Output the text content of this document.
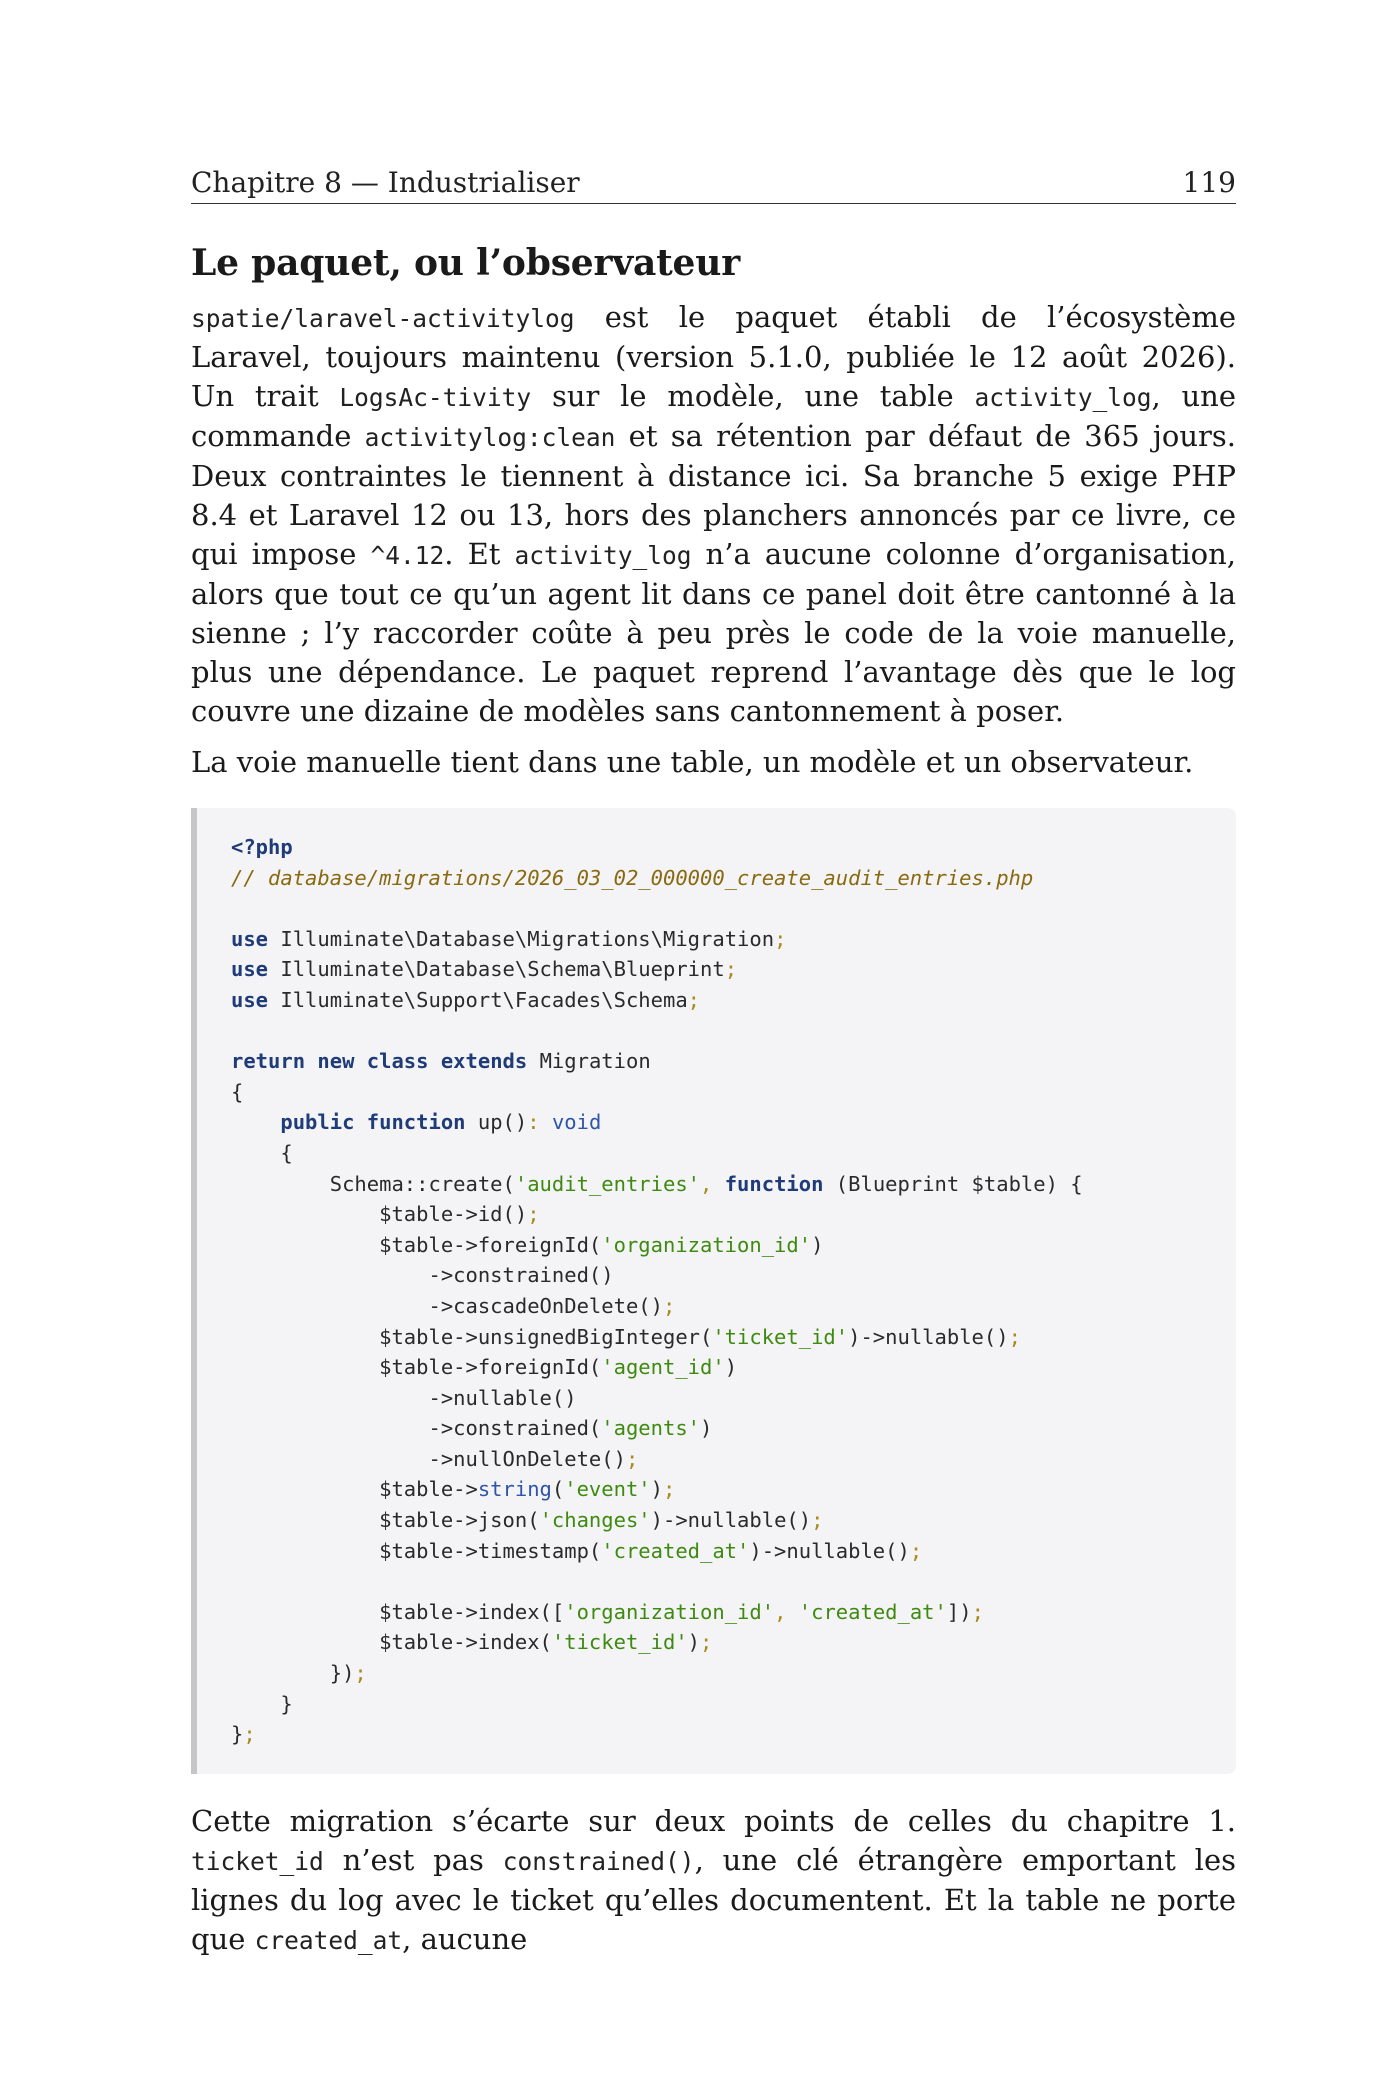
Chapitre 8 — Industrialiser	119
Le paquet, ou l’observateur

spatie/laravel-activitylog est le paquet établi de l’écosystème Laravel, toujours maintenu (version 5.1.0, publiée le 12 août 2026). Un trait LogsAc-tivity sur le modèle, une table activity_log, une commande activitylog:clean et sa rétention par défaut de 365 jours. Deux contraintes le tiennent à distance ici. Sa branche 5 exige PHP 8.4 et Laravel 12 ou 13, hors des planchers annoncés par ce livre, ce qui impose ^4.12. Et activity_log n’a aucune colonne d’organisation, alors que tout ce qu’un agent lit dans ce panel doit être cantonné à la sienne ; l’y raccorder coûte à peu près le code de la voie manuelle, plus une dépendance. Le paquet reprend l’avantage dès que le log couvre une dizaine de modèles sans cantonnement à poser.

La voie manuelle tient dans une table, un modèle et un observateur.

<?php
// database/migrations/2026_03_02_000000_create_audit_entries.php

use Illuminate\Database\Migrations\Migration;
use Illuminate\Database\Schema\Blueprint;
use Illuminate\Support\Facades\Schema;

return new class extends Migration
{
public function up(): void
{
Schema::create('audit_entries', function (Blueprint $table) {
$table->id();
$table->foreignId('organization_id')
->constrained()
->cascadeOnDelete();
$table->unsignedBigInteger('ticket_id')->nullable();
$table->foreignId('agent_id')
->nullable()
->constrained('agents')
->nullOnDelete();
$table->string('event');
$table->json('changes')->nullable();
$table->timestamp('created_at')->nullable();

$table->index(['organization_id', 'created_at']);
$table->index('ticket_id');
});
}
};

Cette migration s’écarte sur deux points de celles du chapitre 1. ticket_id n’est pas constrained(), une clé étrangère emportant les lignes du log avec le ticket qu’elles documentent. Et la table ne porte que created_at, aucune
